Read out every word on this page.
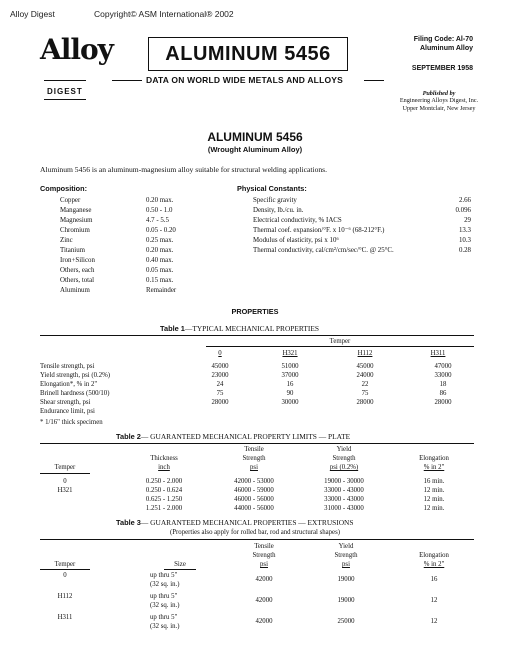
Alloy Digest	Copyright© ASM International® 2002
Alloy
DIGEST
ALUMINUM 5456
DATA ON WORLD WIDE METALS AND ALLOYS
Filing Code: Al-70
Aluminum Alloy
SEPTEMBER 1958
Published by
Engineering Alloys Digest, Inc.
Upper Montclair, New Jersey
ALUMINUM 5456
(Wrought Aluminum Alloy)
Aluminum 5456 is an aluminum-magnesium alloy suitable for structural welding applications.
Composition:
Copper	0.20 max.
Manganese	0.50 - 1.0
Magnesium	4.7 - 5.5
Chromium	0.05 - 0.20
Zinc	0.25 max.
Titanium	0.20 max.
Iron+Silicon	0.40 max.
Others, each	0.05 max.
Others, total	0.15 max.
Aluminum	Remainder
Physical Constants:
Specific gravity	2.66
Density, lb./cu. in.	0.096
Electrical conductivity, % IACS	29
Thermal coef. expansion/°F. x 10⁻⁶ (68-212°F.)	13.3
Modulus of elasticity, psi x 10⁶	10.3
Thermal conductivity, cal/cm²/cm/sec/°C. @ 25°C.	0.28
PROPERTIES
Table 1—TYPICAL MECHANICAL PROPERTIES
Temper
0	H321	H112	H311
Tensile strength, psi	45000	51000	45000	47000
Yield strength, psi (0.2%)	23000	37000	24000	33000
Elongation*, % in 2"	24	16	22	18
Brinell hardness (500/10)	75	90	75	86
Shear strength, psi	28000	30000	28000	28000
Endurance limit, psi
* 1/16" thick specimen
Table 2— GUARANTEED MECHANICAL PROPERTY LIMITS — PLATE
Temper
Thickness
inch
Tensile
Strength
psi
Yield
Strength
psi (0.2%)
Elongation
% in 2"
0	0.250 - 2.000	42000 - 53000	19000 - 30000	16 min.
H321	0.250 - 0.624	46000 - 59000	33000 - 43000	12 min.
0.625 - 1.250	46000 - 56000	33000 - 43000	12 min.
1.251 - 2.000	44000 - 56000	31000 - 43000	12 min.
Table 3— GUARANTEED MECHANICAL PROPERTIES — EXTRUSIONS
(Properties also apply for rolled bar, rod and structural shapes)
Temper	Size
Tensile
Strength
psi
Yield
Strength
psi
Elongation
% in 2"
0	up thru 5"
(32 sq. in.)
42000	19000	16
H112	up thru 5"
(32 sq. in.)
42000	19000	12
H311	up thru 5"
(32 sq. in.)
42000	25000	12
